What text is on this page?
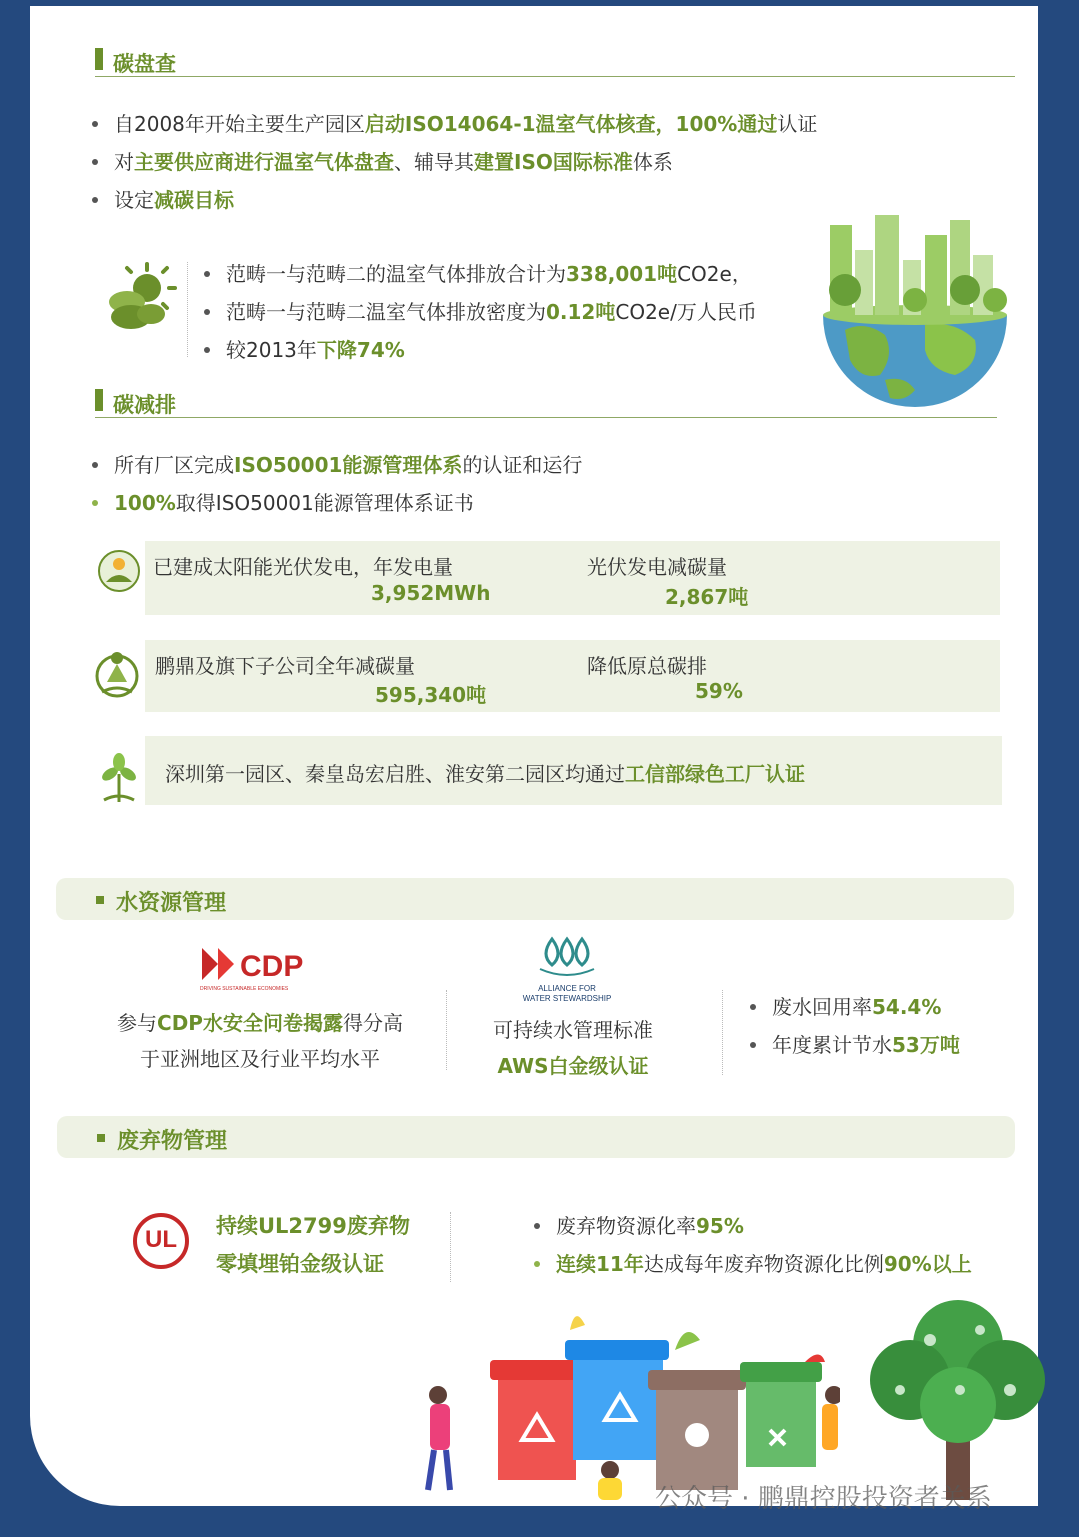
碳盘查
自2008年开始主要生产园区启动ISO14064-1温室气体核查，100%通过认证
对主要供应商进行温室气体盘查、辅导其建置ISO国际标准体系
设定减碳目标
范畴一与范畴二的温室气体排放合计为338,001吨CO2e，
范畴一与范畴二温室气体排放密度为0.12吨CO2e/万人民币
较2013年下降74%
碳减排
所有厂区完成ISO50001能源管理体系的认证和运行
100%取得ISO50001能源管理体系证书
已建成太阳能光伏发电，年发电量
3,952MWh
光伏发电减碳量
2,867吨
鹏鼎及旗下子公司全年减碳量
595,340吨
降低原总碳排
59%
深圳第一园区、秦皇岛宏启胜、淮安第二园区均通过工信部绿色工厂认证
水资源管理
CDP
DRIVING SUSTAINABLE ECONOMIES
参与CDP水安全问卷揭露得分高
于亚洲地区及行业平均水平
ALLIANCE FOR
WATER STEWARDSHIP
可持续水管理标准
AWS白金级认证
废水回用率54.4%
年度累计节水53万吨
废弃物管理
UL	持续UL2799废弃物
零填埋铂金级认证
废弃物资源化率95%
连续11年达成每年废弃物资源化比例90%以上
公众号 · 鹏鼎控股投资者关系
